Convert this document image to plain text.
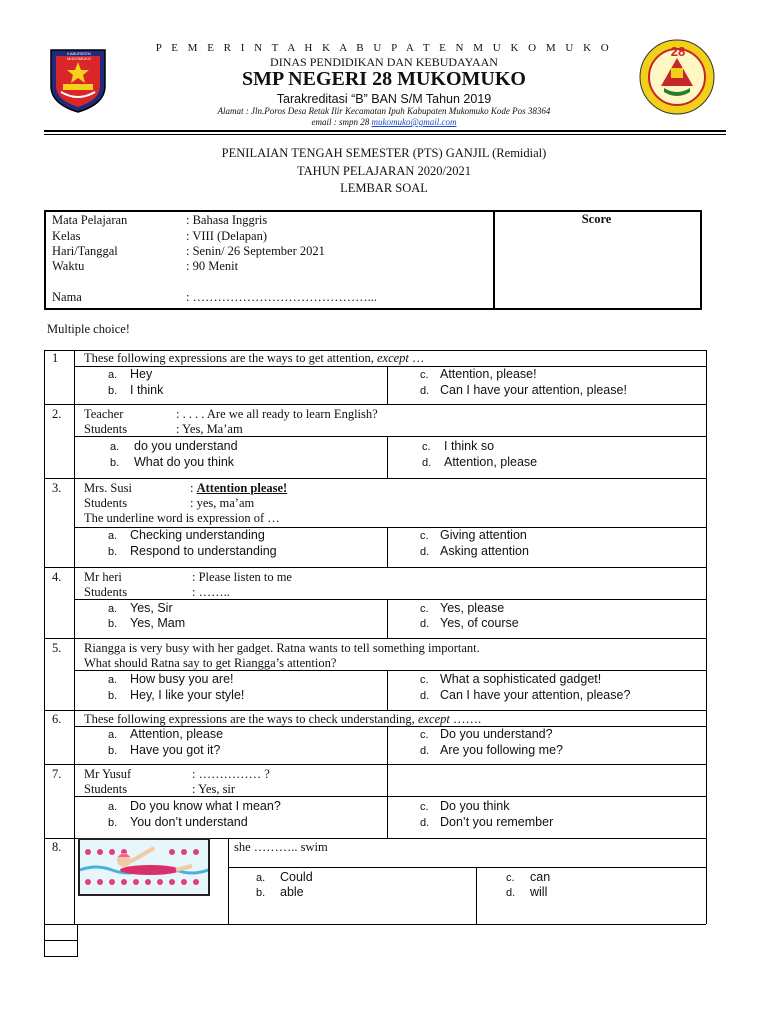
KABUPATEN MUKOMUKO	28
P E M E R I N T A H K A B U P A T E N M U K O M U K O
DINAS PENDIDIKAN DAN KEBUDAYAAN
SMP NEGERI 28 MUKOMUKO
Tarakreditasi “B” BAN S/M Tahun 2019
Alamat : Jln.Poros Desa Retak Ilir Kecamatan Ipuh Kabupaten Mukomuko Kode Pos 38364
email : smpn 28 mukomuko@gmail.com
PENILAIAN TENGAH SEMESTER (PTS) GANJIL (Remidial)
TAHUN PELAJARAN 2020/2021
LEMBAR SOAL
Mata Pelajaran	: Bahasa Inggris
Kelas	: VIII (Delapan)
Hari/Tanggal	: Senin/ 26 September 2021
Waktu	: 90 Menit
Nama	: ……………………………………...
Score
Multiple choice!
1 These following expressions are the ways to get attention, except …
a. Hey
b. I think
c. Attention, please!
d. Can I have your attention, please!
2. Teacher	: . . . . Are we all ready to learn English?
Students	: Yes, Ma’am
a. do you understand
b. What do you think
c. I think so
d. Attention, please
3. Mrs. Susi	: Attention please!
Students	: yes, ma’am
The underline word is expression of …
a. Checking understanding
b. Respond to understanding
c. Giving attention
d. Asking attention
4. Mr heri	: Please listen to me
Students	: ……..
a. Yes, Sir
b. Yes, Mam
c. Yes, please
d. Yes, of course
5. Riangga is very busy with her gadget. Ratna wants to tell something important.
What should Ratna say to get Riangga’s attention?
a. How busy you are!
b. Hey, I like your style!
c. What a sophisticated gadget!
d. Can I have your attention, please?
6. These following expressions are the ways to check understanding, except …….
a. Attention, please
b. Have you got it?
c. Do you understand?
d. Are you following me?
7. Mr Yusuf	: …………… ?
Students	: Yes, sir
a. Do you know what I mean?
b. You don’t understand
c. Do you think
d. Don’t you remember
8.	she ……….. swim
a. Could
b. able
c. can
d. will
